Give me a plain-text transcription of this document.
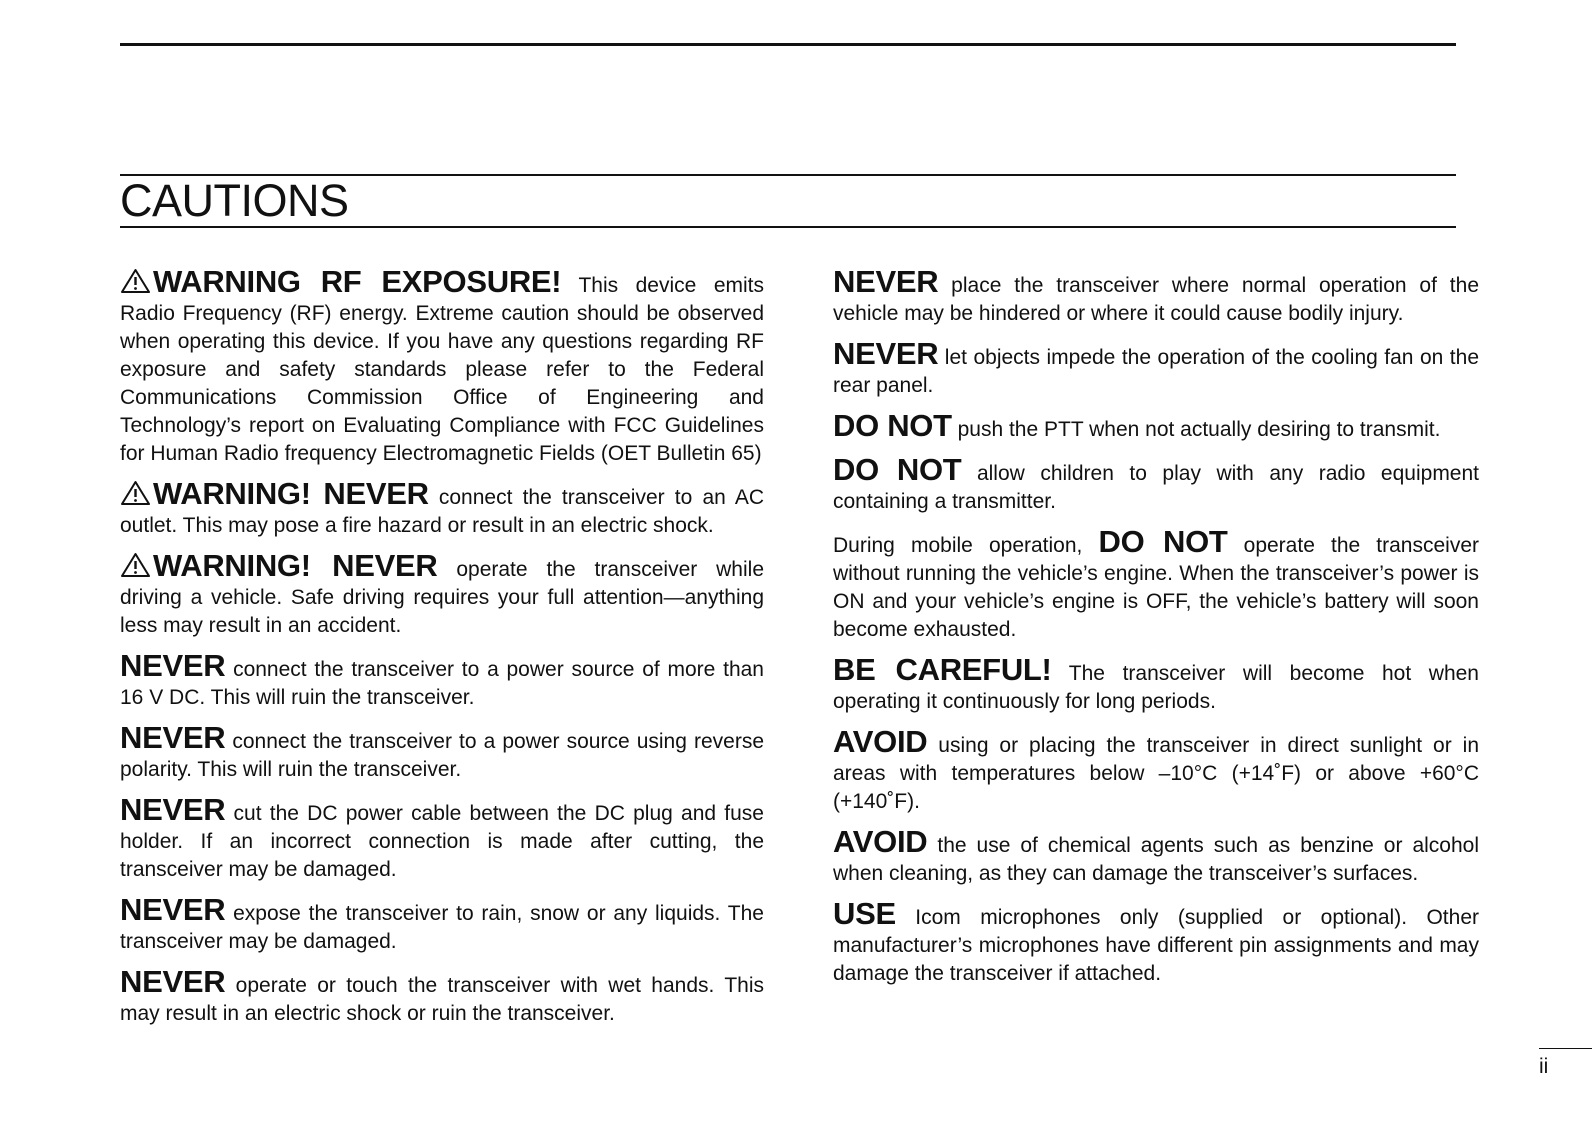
CAUTIONS

WARNING RF EXPOSURE! This device emits Radio Frequency (RF) energy. Extreme caution should be observed when operating this device. If you have any questions regarding RF exposure and safety standards please refer to the Federal Communications Commission Office of Engineering and Technology’s report on Evaluating Compliance with FCC Guidelines for Human Radio frequency Electromagnetic Fields (OET Bulletin 65)

WARNING! NEVER connect the transceiver to an AC outlet. This may pose a fire hazard or result in an electric shock.

WARNING! NEVER operate the transceiver while driving a vehicle. Safe driving requires your full attention—anything less may result in an accident.

NEVER connect the transceiver to a power source of more than 16 V DC. This will ruin the transceiver.

NEVER connect the transceiver to a power source using reverse polarity. This will ruin the transceiver.

NEVER cut the DC power cable between the DC plug and fuse holder. If an incorrect connection is made after cutting, the transceiver may be damaged.

NEVER expose the transceiver to rain, snow or any liquids. The transceiver may be damaged.

NEVER operate or touch the transceiver with wet hands. This may result in an electric shock or ruin the transceiver.

NEVER place the transceiver where normal operation of the vehicle may be hindered or where it could cause bodily injury.

NEVER let objects impede the operation of the cooling fan on the rear panel.

DO NOT push the PTT when not actually desiring to transmit.

DO NOT allow children to play with any radio equipment containing a transmitter.

During mobile operation, DO NOT operate the transceiver without running the vehicle’s engine. When the transceiver’s power is ON and your vehicle’s engine is OFF, the vehicle’s battery will soon become exhausted.

BE CAREFUL! The transceiver will become hot when operating it continuously for long periods.

AVOID using or placing the transceiver in direct sunlight or in areas with temperatures below –10°C (+14˚F) or above +60°C (+140˚F).

AVOID the use of chemical agents such as benzine or alcohol when cleaning, as they can damage the transceiver’s surfaces.

USE Icom microphones only (supplied or optional). Other manufacturer’s microphones have different pin assignments and may damage the transceiver if attached.

ii
